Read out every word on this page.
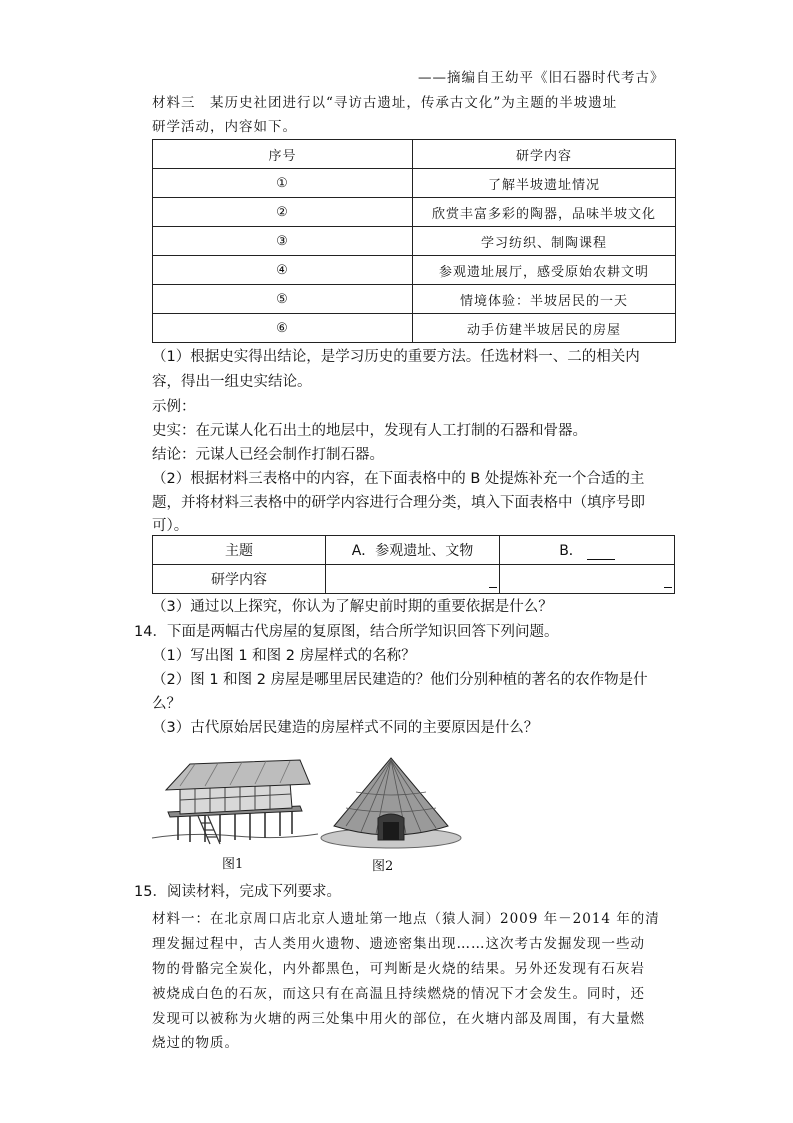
——摘编自王幼平《旧石器时代考古》
材料三　某历史社团进行以“寻访古遗址，传承古文化”为主题的半坡遗址
研学活动，内容如下。
序号	研学内容
①	了解半坡遗址情况
②	欣赏丰富多彩的陶器，品味半坡文化
③	学习纺织、制陶课程
④	参观遗址展厅，感受原始农耕文明
⑤	情境体验：半坡居民的一天
⑥	动手仿建半坡居民的房屋
（1）根据史实得出结论，是学习历史的重要方法。任选材料一、二的相关内
容，得出一组史实结论。
示例：
史实：在元谋人化石出土的地层中，发现有人工打制的石器和骨器。
结论：元谋人已经会制作打制石器。
（2）根据材料三表格中的内容，在下面表格中的 B 处提炼补充一个合适的主
题，并将材料三表格中的研学内容进行合理分类，填入下面表格中（填序号即
可）。
主题	A．参观遗址、文物	B．
研学内容	

（3）通过以上探究，你认为了解史前时期的重要依据是什么？
14．下面是两幅古代房屋的复原图，结合所学知识回答下列问题。
（1）写出图 1 和图 2 房屋样式的名称？
（2）图 1 和图 2 房屋是哪里居民建造的？他们分别种植的著名的农作物是什
么？
（3）古代原始居民建造的房屋样式不同的主要原因是什么？
图1	图2
15．阅读材料，完成下列要求。
材料一：在北京周口店北京人遗址第一地点（猿人洞）2009 年－2014 年的清
理发掘过程中，古人类用火遗物、遗迹密集出现……这次考古发掘发现一些动
物的骨骼完全炭化，内外都黑色，可判断是火烧的结果。另外还发现有石灰岩
被烧成白色的石灰，而这只有在高温且持续燃烧的情况下才会发生。同时，还
发现可以被称为火塘的两三处集中用火的部位，在火塘内部及周围，有大量燃
烧过的物质。
